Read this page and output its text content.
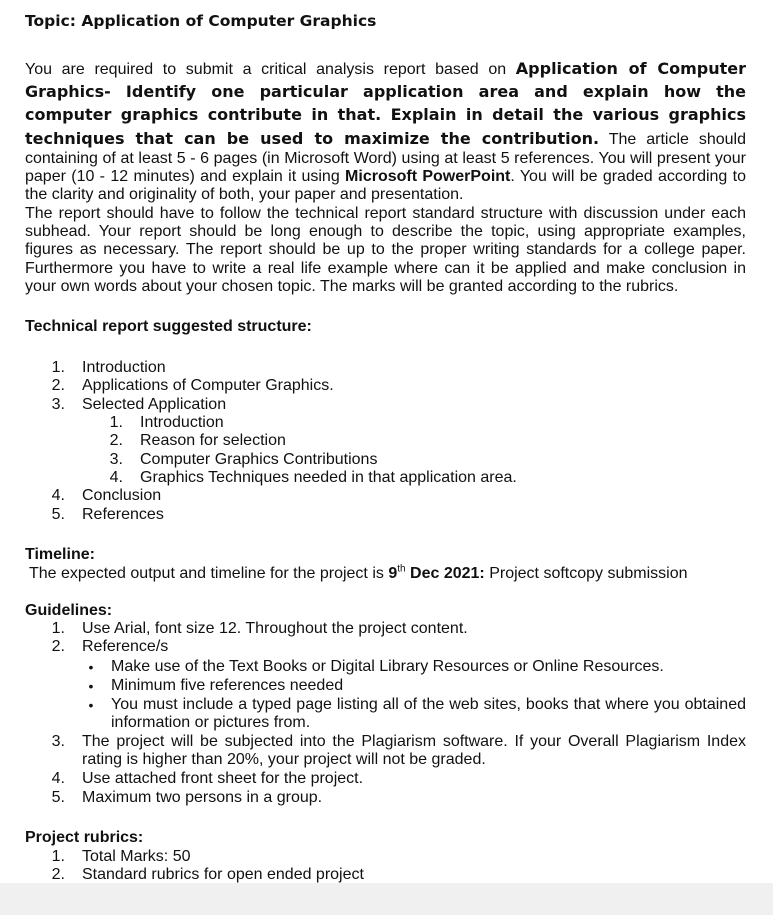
Topic: Application of Computer Graphics
You are required to submit a critical analysis report based on Application of Computer Graphics- Identify one particular application area and explain how the computer graphics contribute in that. Explain in detail the various graphics techniques that can be used to maximize the contribution. The article should containing of at least 5 - 6 pages (in Microsoft Word) using at least 5 references. You will present your paper (10 - 12 minutes) and explain it using Microsoft PowerPoint. You will be graded according to the clarity and originality of both, your paper and presentation.
The report should have to follow the technical report standard structure with discussion under each subhead. Your report should be long enough to describe the topic, using appropriate examples, figures as necessary. The report should be up to the proper writing standards for a college paper. Furthermore you have to write a real life example where can it be applied and make conclusion in your own words about your chosen topic. The marks will be granted according to the rubrics.
Technical report suggested structure:
1. Introduction
2. Applications of Computer Graphics.
3. Selected Application
1. Introduction
2. Reason for selection
3. Computer Graphics Contributions
4. Graphics Techniques needed in that application area.
4. Conclusion
5. References
Timeline:
The expected output and timeline for the project is 9th Dec 2021: Project softcopy submission
Guidelines:
1. Use Arial, font size 12. Throughout the project content.
2. Reference/s
•	Make use of the Text Books or Digital Library Resources or Online Resources.
•	Minimum five references needed
•	You must include a typed page listing all of the web sites, books that where you obtained
information or pictures from.
3. The project will be subjected into the Plagiarism software. If your Overall Plagiarism Index
rating is higher than 20%, your project will not be graded.
4. Use attached front sheet for the project.
5. Maximum two persons in a group.
Project rubrics:
1. Total Marks: 50
2. Standard rubrics for open ended project
